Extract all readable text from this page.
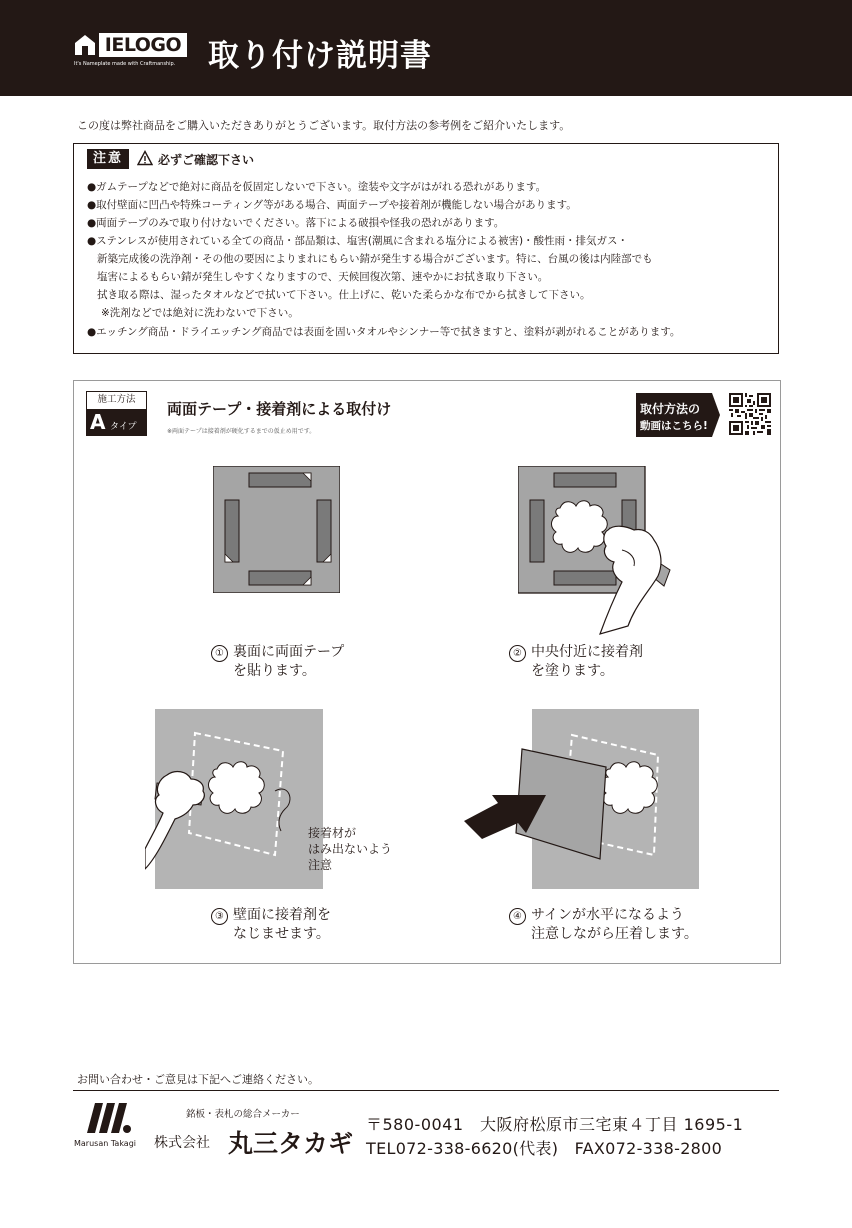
IELOGO
It's Nameplate made with Craftmanship. 取り付け説明書
この度は弊社商品をご購入いただきありがとうございます。取付方法の参考例をご紹介いたします。
注意	必ずご確認下さい
●ガムテープなどで絶対に商品を仮固定しないで下さい。塗装や文字がはがれる恐れがあります。
●取付壁面に凹凸や特殊コーティング等がある場合、両面テープや接着剤が機能しない場合があります。
●両面テープのみで取り付けないでください。落下による破損や怪我の恐れがあります。
●ステンレスが使用されている全ての商品・部品類は、塩害(潮風に含まれる塩分による被害)・酸性雨・排気ガス・
新築完成後の洗浄剤・その他の要因によりまれにもらい錆が発生する場合がございます。特に、台風の後は内陸部でも
塩害によるもらい錆が発生しやすくなりますので、天候回復次第、速やかにお拭き取り下さい。
拭き取る際は、湿ったタオルなどで拭いて下さい。仕上げに、乾いた柔らかな布でから拭きして下さい。
※洗剤などでは絶対に洗わないで下さい。
●エッチング商品・ドライエッチング商品では表面を固いタオルやシンナー等で拭きますと、塗料が剥がれることがあります。
施工方法
A タイプ
両面テープ・接着剤による取付け
※両面テープは接着剤が硬化するまでの仮止め用です。
取付方法の
動画はこちら!
① 裏面に両面テープ
を貼ります。
② 中央付近に接着剤
を塗ります。
③ 壁面に接着剤を
なじませます。
④ サインが水平になるよう
注意しながら圧着します。
接着材が
はみ出ないよう
注意
お問い合わせ・ご意見は下記へご連絡ください。
Marusan Takagi
銘板・表札の総合メーカー
株式会社 丸三タカギ
〒580-0041　大阪府松原市三宅東４丁目 1695-1
TEL072-338-6620(代表)　FAX072-338-2800
